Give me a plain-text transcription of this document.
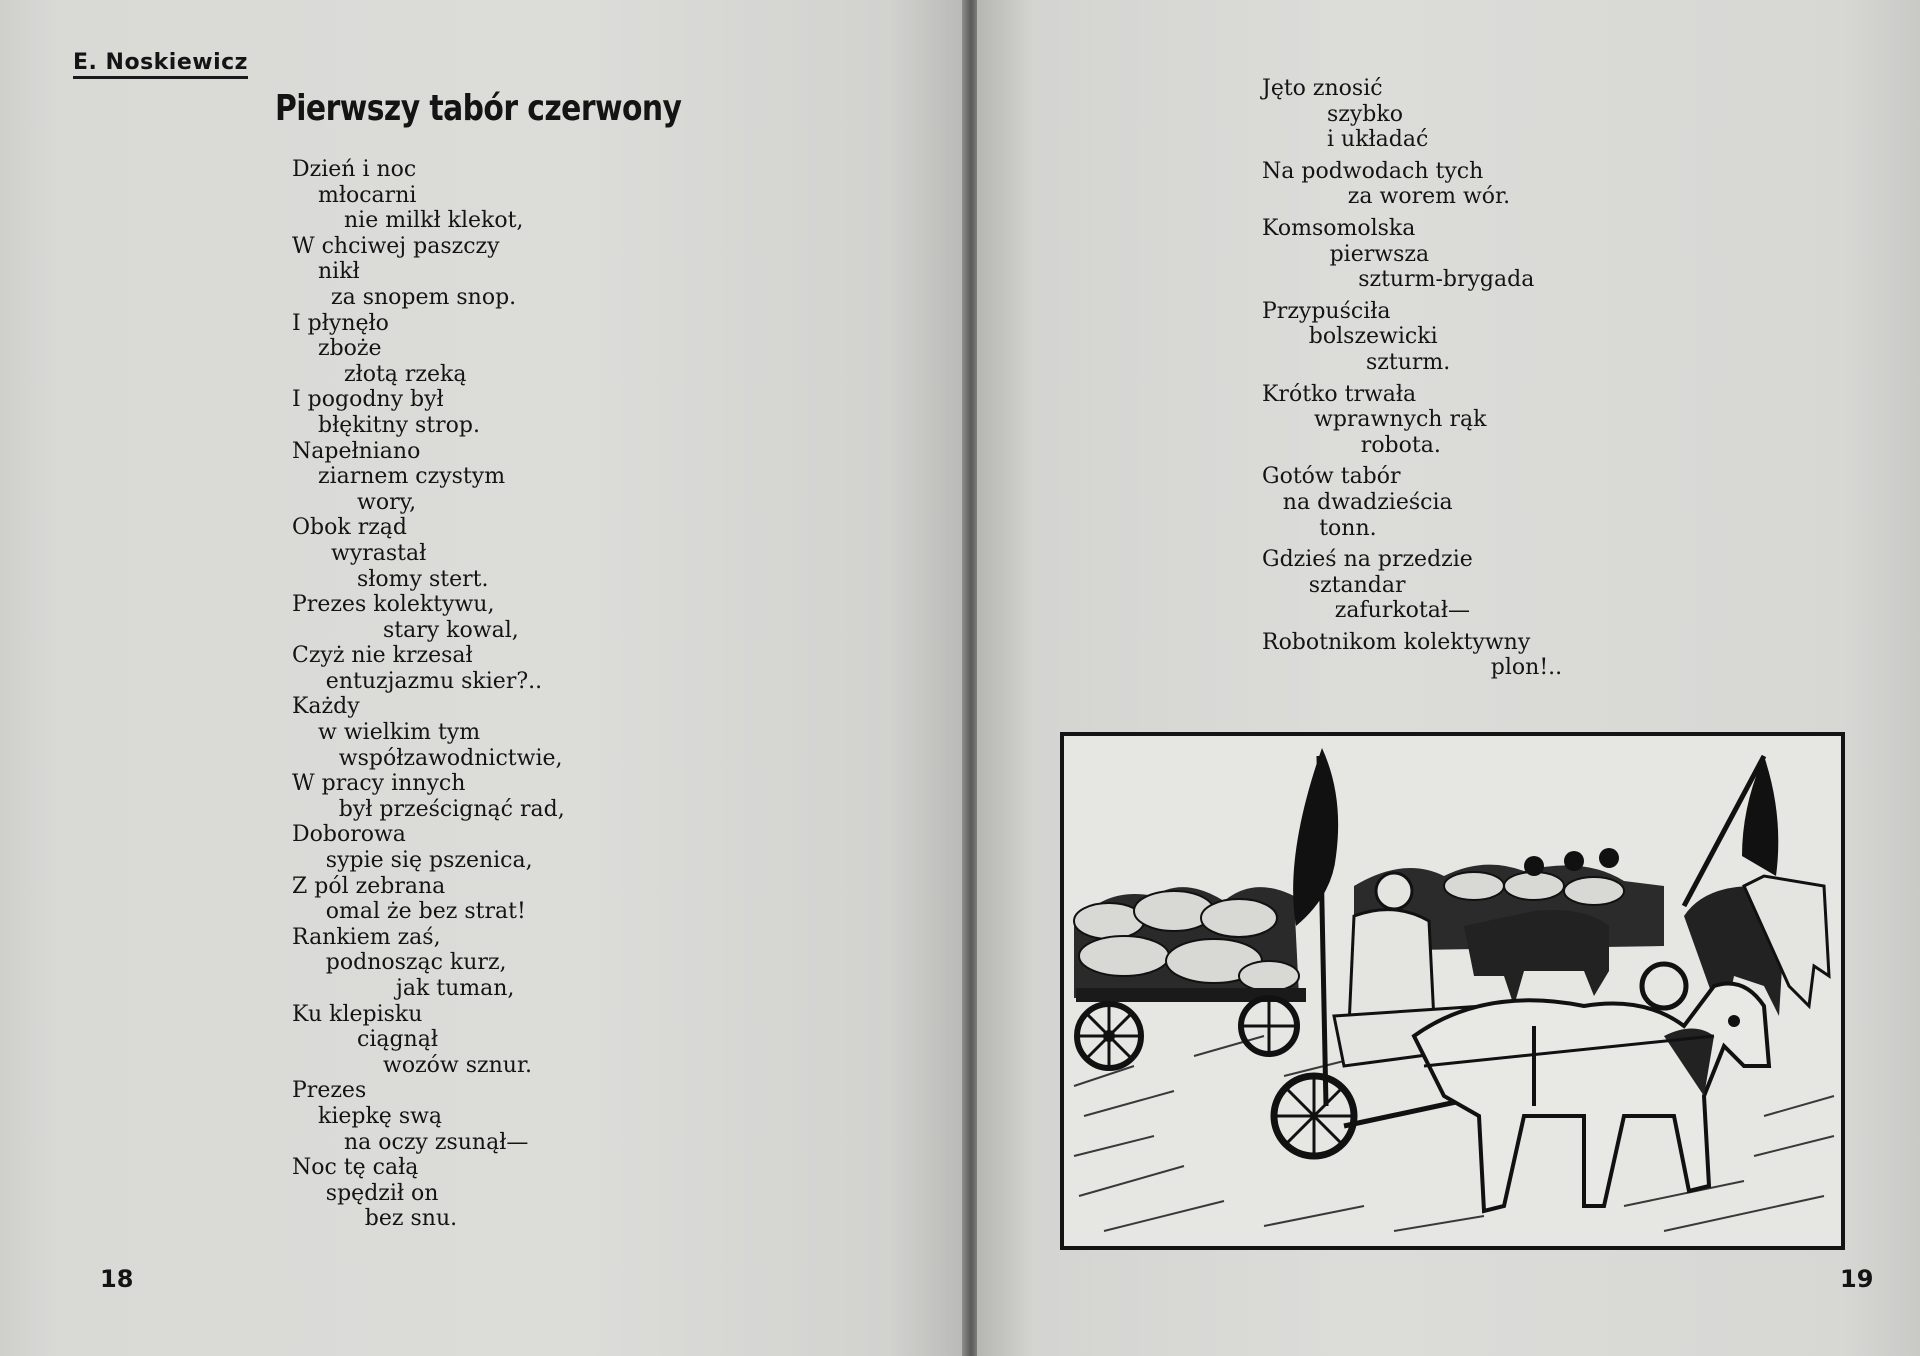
E. Noskiewicz
Pierwszy tabór czerwony
Dzień i noc
młocarni
nie milkł klekot,
W chciwej paszczy
nikł
za snopem snop.
I płynęło
zboże
złotą rzeką
I pogodny był
błękitny strop.
Napełniano
ziarnem czystym
wory,
Obok rząd
wyrastał
słomy stert.
Prezes kolektywu,
stary kowal,
Czyż nie krzesał
entuzjazmu skier?..
Każdy
w wielkim tym
współzawodnictwie,
W pracy innych
był prześcignąć rad,
Doborowa
sypie się pszenica,
Z pól zebrana
omal że bez strat!
Rankiem zaś,
podnosząc kurz,
jak tuman,
Ku klepisku
ciągnął
wozów sznur.
Prezes
kiepkę swą
na oczy zsunął—
Noc tę całą
spędził on
bez snu.
18	19
Jęto znosić
szybko
i układać
Na podwodach tych
za worem wór.
Komsomolska
pierwsza
szturm-brygada
Przypuściła
bolszewicki
szturm.
Krótko trwała
wprawnych rąk
robota.
Gotów tabór
na dwadzieścia
tonn.
Gdzieś na przedzie
sztandar
zafurkotał—
Robotnikom kolektywny
plon!..
